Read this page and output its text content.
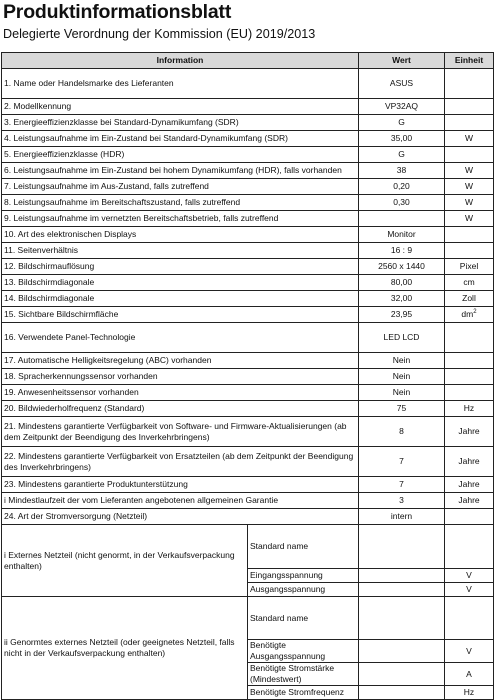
Produktinformationsblatt
Delegierte Verordnung der Kommission (EU) 2019/2013
Information		Wert	Einheit
1. Name oder Handelsmarke des Lieferanten		ASUS	
2. Modellkennung		VP32AQ	
3. Energieeffizienzklasse bei Standard-Dynamikumfang (SDR)		G	
4. Leistungsaufnahme im Ein-Zustand bei Standard-Dynamikumfang (SDR)		35,00	W
5. Energieeffizienzklasse (HDR)		G	
6. Leistungsaufnahme im Ein-Zustand bei hohem Dynamikumfang (HDR), falls vorhanden		38	W
7. Leistungsaufnahme im Aus-Zustand, falls zutreffend		0,20	W
8. Leistungsaufnahme im Bereitschaftszustand, falls zutreffend		0,30	W
9. Leistungsaufnahme im vernetzten Bereitschaftsbetrieb, falls zutreffend			W
10. Art des elektronischen Displays		Monitor	
11. Seitenverhältnis		16 : 9	
12. Bildschirmauflösung		2560 x 1440	Pixel
13. Bildschirmdiagonale		80,00	cm
14. Bildschirmdiagonale		32,00	Zoll
15. Sichtbare Bildschirmfläche		23,95	$dm^2$
16. Verwendete Panel-Technologie		LED LCD	
17. Automatische Helligkeitsregelung (ABC) vorhanden		Nein	
18. Spracherkennungssensor vorhanden		Nein	
19. Anwesenheitssensor vorhanden		Nein	
20. Bildwiederholfrequenz (Standard)		75	Hz
21. Mindestens garantierte Verfügbarkeit von Software- und Firmware-Aktualisierungen (ab dem Zeitpunkt der Beendigung des Inverkehrbringens)		8	Jahre
22. Mindestens garantierte Verfügbarkeit von Ersatzteilen (ab dem Zeitpunkt der Beendigung des Inverkehrbringens)		7	Jahre
23. Mindestens garantierte Produktunterstützung		7	Jahre
i Mindestlaufzeit der vom Lieferanten angebotenen allgemeinen Garantie		3	Jahre
24. Art der Stromversorgung (Netzteil)		intern	
i Externes Netzteil (nicht genormt, in der Verkaufsverpackung enthalten)	Standard name		
	Eingangsspannung		V
	Ausgangsspannung		V
ii Genormtes externes Netzteil (oder geeignetes Netzteil, falls nicht in der Verkaufsverpackung enthalten)	Standard name		
	Benötigte Ausgangsspannung		V
	Benötigte Stromstärke (Mindestwert)		A
	Benötigte Stromfrequenz		Hz
